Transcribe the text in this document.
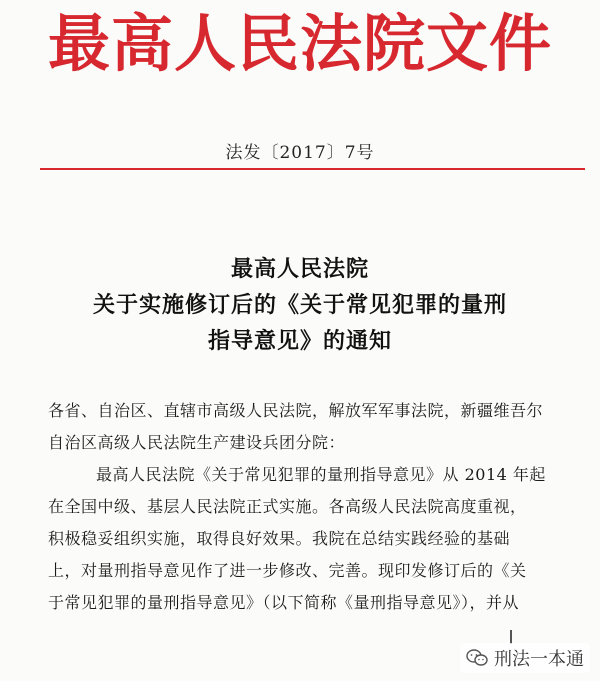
最高人民法院文件
法发〔2017〕7号
最高人民法院
关于实施修订后的《关于常见犯罪的量刑
指导意见》的通知
各省、自治区、直辖市高级人民法院，解放军军事法院，新疆维吾尔
自治区高级人民法院生产建设兵团分院：
最高人民法院《关于常见犯罪的量刑指导意见》从 2014 年起
在全国中级、基层人民法院正式实施。各高级人民法院高度重视，
积极稳妥组织实施，取得良好效果。我院在总结实践经验的基础
上，对量刑指导意见作了进一步修改、完善。现印发修订后的《关
于常见犯罪的量刑指导意见》（以下简称《量刑指导意见》），并从
刑法一本通
